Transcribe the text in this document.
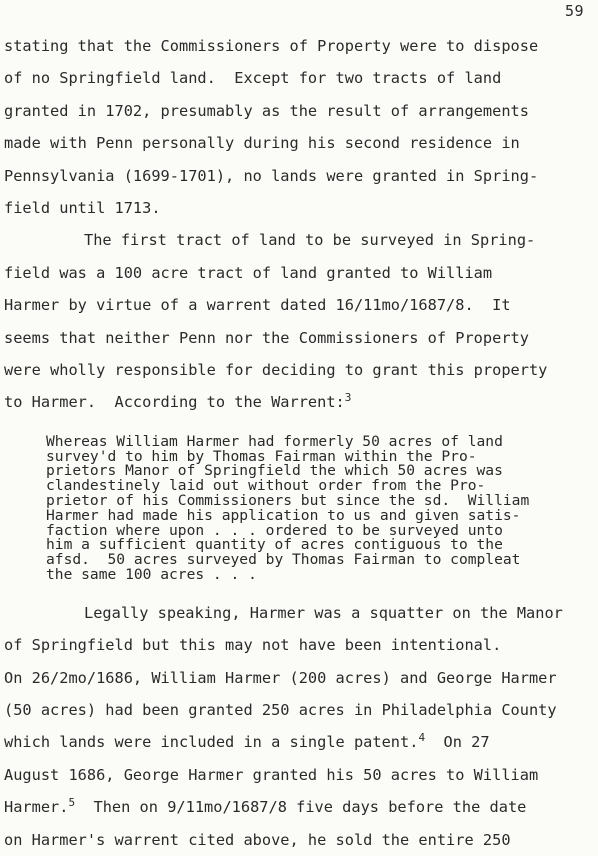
59
stating that the Commissioners of Property were to dispose
of no Springfield land.  Except for two tracts of land
granted in 1702, presumably as the result of arrangements
made with Penn personally during his second residence in
Pennsylvania (1699-1701), no lands were granted in Spring-
field until 1713.
The first tract of land to be surveyed in Spring-
field was a 100 acre tract of land granted to William
Harmer by virtue of a warrent dated 16/11mo/1687/8.  It
seems that neither Penn nor the Commissioners of Property
were wholly responsible for deciding to grant this property
to Harmer.  According to the Warrent:$^3$
Whereas William Harmer had formerly 50 acres of land
survey'd to him by Thomas Fairman within the Pro-
prietors Manor of Springfield the which 50 acres was
clandestinely laid out without order from the Pro-
prietor of his Commissioners but since the sd.  William
Harmer had made his application to us and given satis-
faction where upon . . . ordered to be surveyed unto
him a sufficient quantity of acres contiguous to the
afsd.  50 acres surveyed by Thomas Fairman to compleat
the same 100 acres . . .
Legally speaking, Harmer was a squatter on the Manor
of Springfield but this may not have been intentional.
On 26/2mo/1686, William Harmer (200 acres) and George Harmer
(50 acres) had been granted 250 acres in Philadelphia County
which lands were included in a single patent.$^4$  On 27
August 1686, George Harmer granted his 50 acres to William
Harmer.$^5$  Then on 9/11mo/1687/8 five days before the date
on Harmer's warrent cited above, he sold the entire 250
